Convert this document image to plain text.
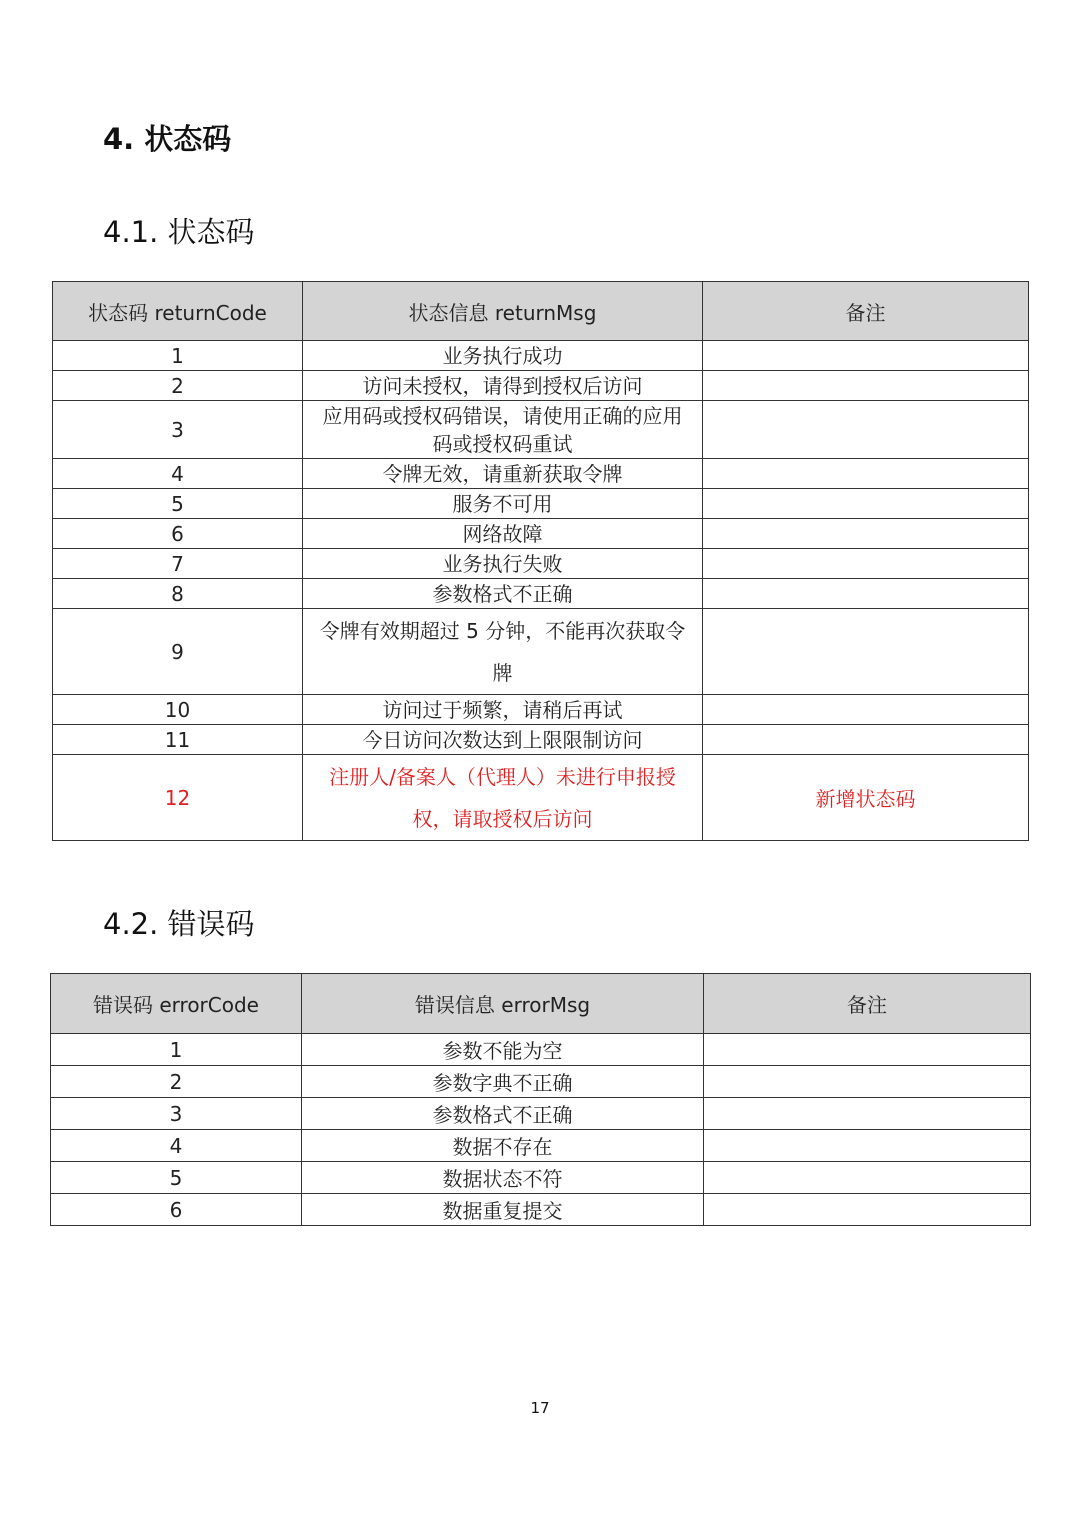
4. 状态码
4.1. 状态码
状态码 returnCode	状态信息 returnMsg	备注
1	业务执行成功	
2	访问未授权，请得到授权后访问	
3	应用码或授权码错误，请使用正确的应用码或授权码重试	
4	令牌无效，请重新获取令牌	
5	服务不可用	
6	网络故障	
7	业务执行失败	
8	参数格式不正确	
9	令牌有效期超过 5 分钟，不能再次获取令牌	
10	访问过于频繁，请稍后再试	
11	今日访问次数达到上限限制访问	
12	注册人/备案人（代理人）未进行申报授权，请取授权后访问	新增状态码
4.2. 错误码
错误码 errorCode	错误信息 errorMsg	备注
1	参数不能为空	
2	参数字典不正确	
3	参数格式不正确	
4	数据不存在	
5	数据状态不符	
6	数据重复提交	
17
